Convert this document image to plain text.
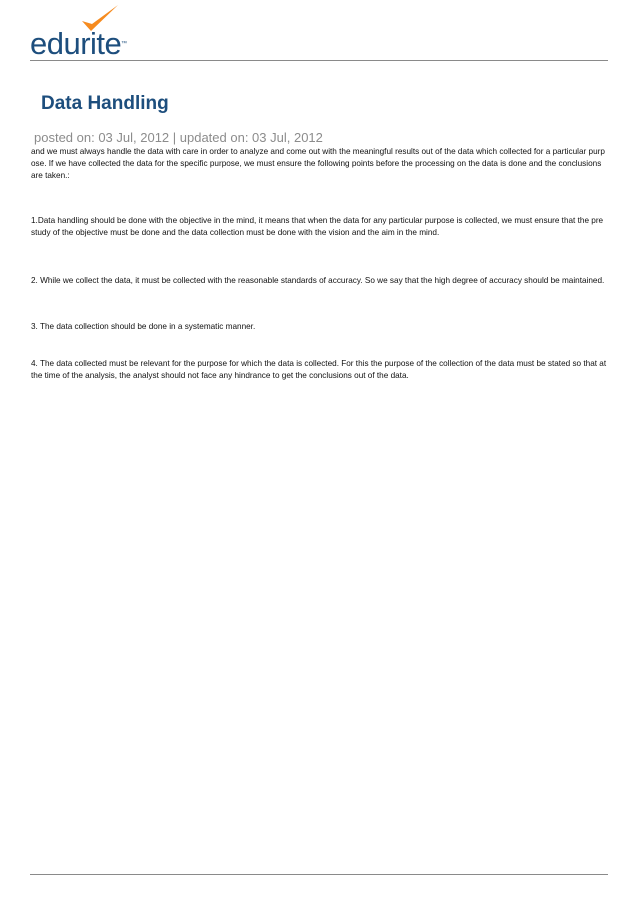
edurite ™
Data Handling
posted on: 03 Jul, 2012 | updated on: 03 Jul, 2012

and we must always handle the data with care in order to analyze and come out with the meaningful results out of the data which collected for a particular purpose. If we have collected the data for the specific purpose, we must ensure the following points before the processing on the data is done and the conclusions are taken.:

1.Data handling should be done with the objective in the mind, it means that when the data for any particular purpose is collected, we must ensure that the pre study of the objective must be done and the data collection must be done with the vision and the aim in the mind.

2. While we collect the data, it must be collected with the reasonable standards of accuracy. So we say that the high degree of accuracy should be maintained.

3. The data collection should be done in a systematic manner.

4. The data collected must be relevant for the purpose for which the data is collected. For this the purpose of the collection of the data must be stated so that at the time of the analysis, the analyst should not face any hindrance to get the conclusions out of the data.
